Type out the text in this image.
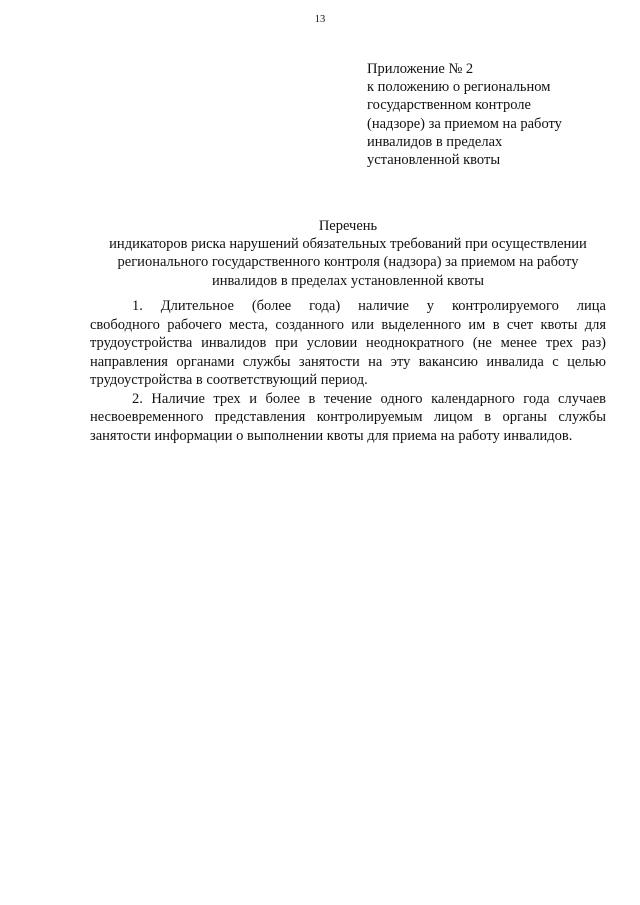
13
Приложение № 2
к положению о региональном
государственном контроле
(надзоре) за приемом на работу
инвалидов в пределах
установленной квоты
Перечень
индикаторов риска нарушений обязательных требований при осуществлении
регионального государственного контроля (надзора) за приемом на работу
инвалидов в пределах установленной квоты
1. Длительное (более года) наличие у контролируемого лица
свободного рабочего места, созданного или выделенного им в счет квоты для
трудоустройства инвалидов при условии неоднократного (не менее трех раз)
направления органами службы занятости на эту вакансию инвалида с целью
трудоустройства в соответствующий период.
2. Наличие трех и более в течение одного календарного года случаев
несвоевременного представления контролируемым лицом в органы службы
занятости информации о выполнении квоты для приема на работу инвалидов.
